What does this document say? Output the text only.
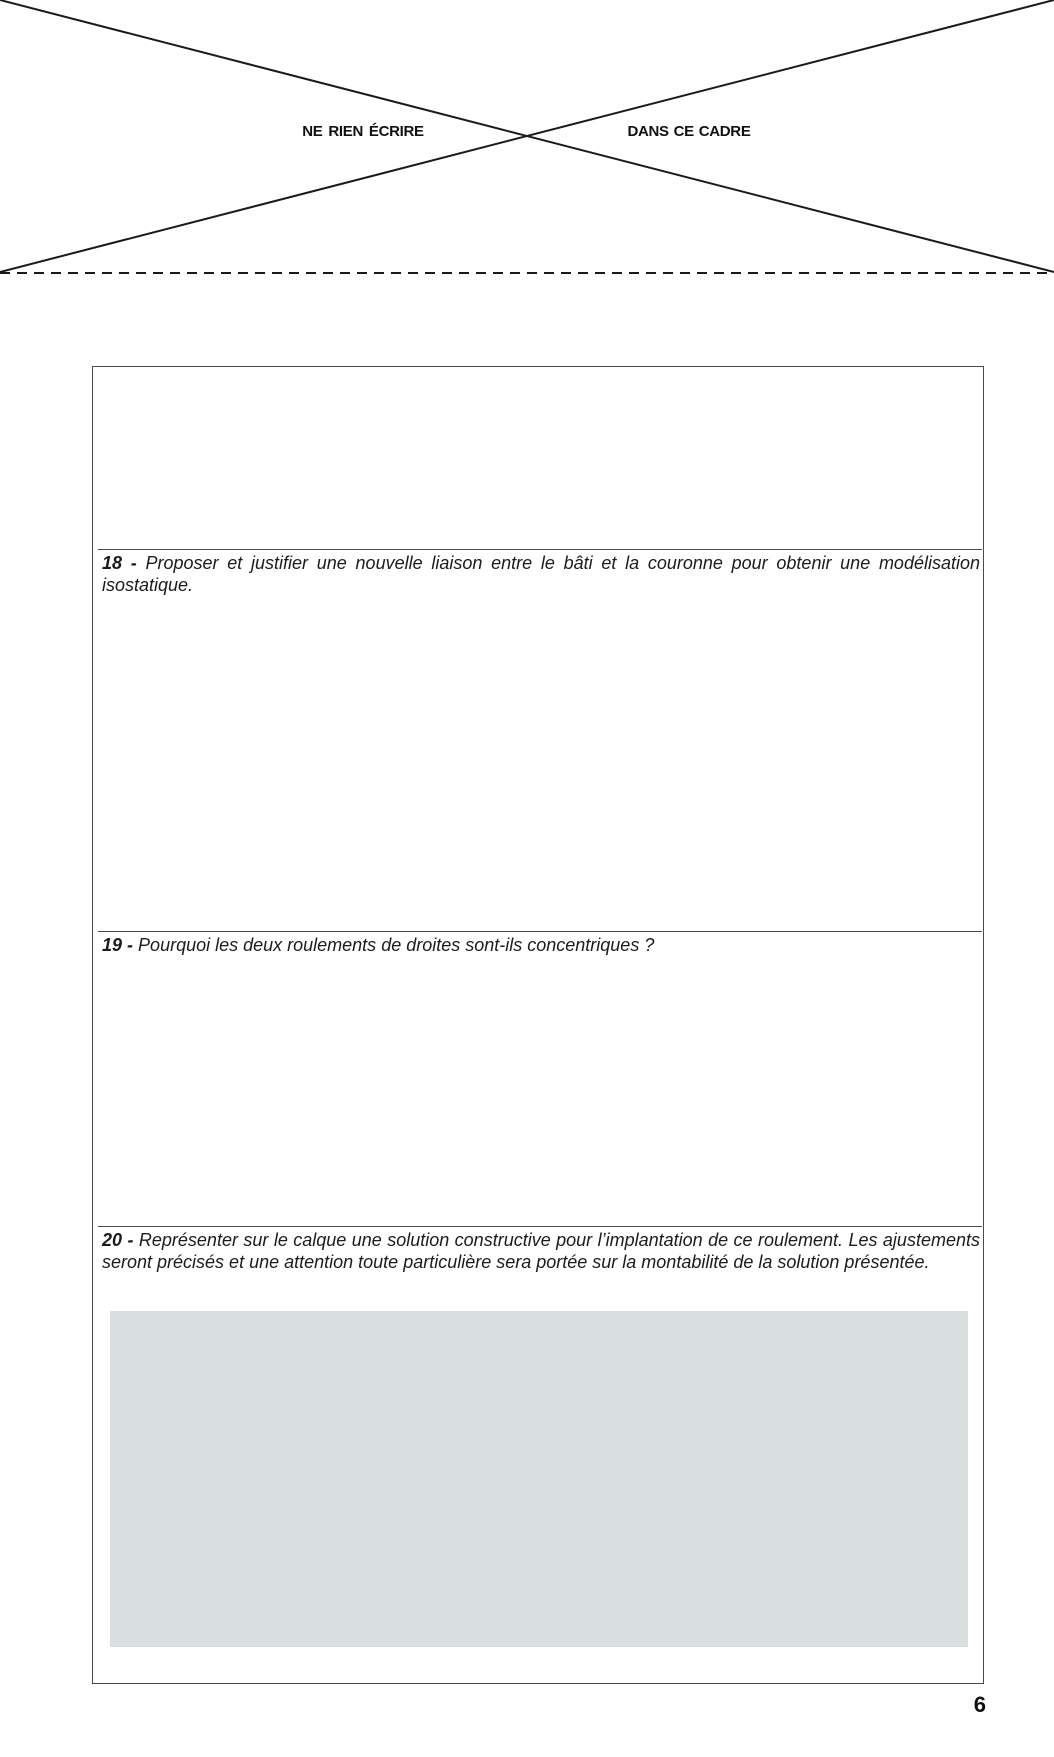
NE RIEN ÉCRIRE	DANS CE CADRE
18 - Proposer et justifier une nouvelle liaison entre le bâti et la couronne pour obtenir une modélisation isostatique.
19 - Pourquoi les deux roulements de droites sont-ils concentriques ?
20 - Représenter sur le calque une solution constructive pour l’implantation de ce roulement. Les ajustements seront précisés et une attention toute particulière sera portée sur la montabilité de la solution présentée.
6
